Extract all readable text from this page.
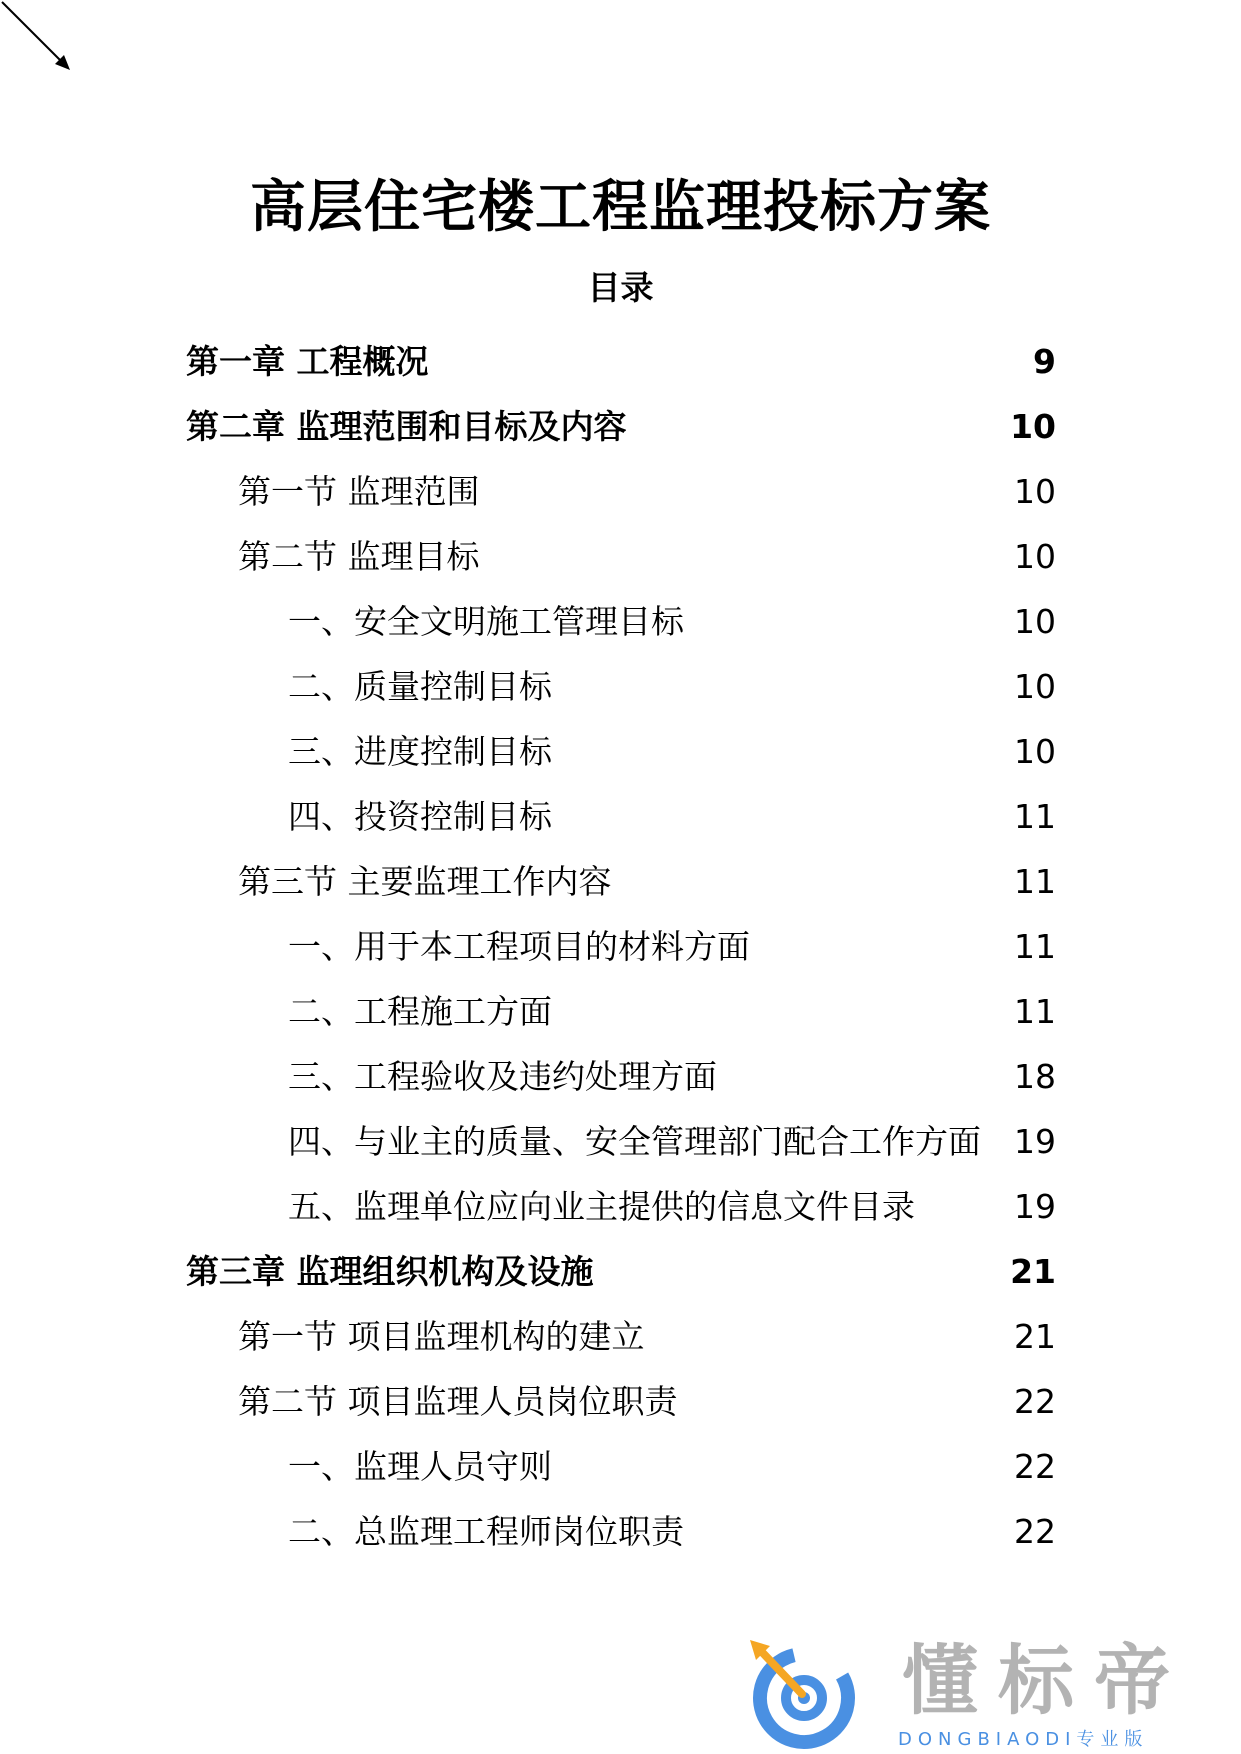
高层住宅楼工程监理投标方案
目录
第一章 工程概况	9
第二章 监理范围和目标及内容	10
第一节 监理范围	10
第二节 监理目标	10
一、安全文明施工管理目标	10
二、质量控制目标	10
三、进度控制目标	10
四、投资控制目标	11
第三节 主要监理工作内容	11
一、用于本工程项目的材料方面	11
二、工程施工方面	11
三、工程验收及违约处理方面	18
四、与业主的质量、安全管理部门配合工作方面 19
五、监理单位应向业主提供的信息文件目录	19
第三章 监理组织机构及设施	21
第一节 项目监理机构的建立	21
第二节 项目监理人员岗位职责	22
一、监理人员守则	22
二、总监理工程师岗位职责	22
懂标帝
DONGBIAODI专业版
